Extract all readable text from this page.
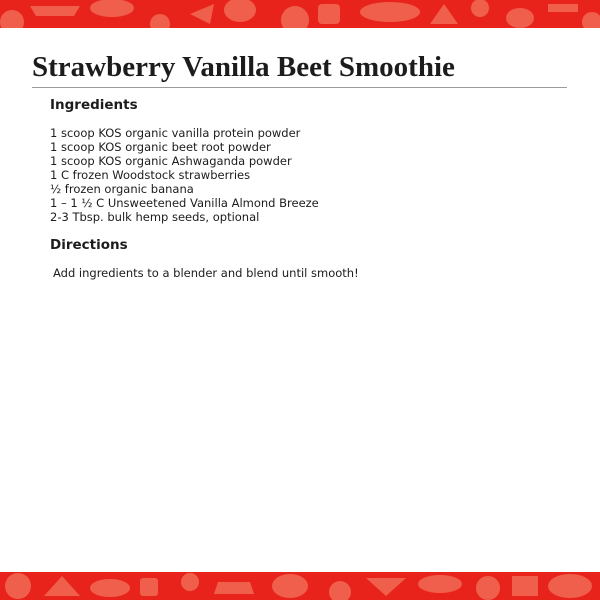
Strawberry Vanilla Beet Smoothie
Ingredients
1 scoop KOS organic vanilla protein powder
1 scoop KOS organic beet root powder
1 scoop KOS organic Ashwaganda powder
1 C frozen Woodstock strawberries
½ frozen organic banana
1 – 1 ½ C Unsweetened Vanilla Almond Breeze
2-3 Tbsp. bulk hemp seeds, optional
Directions

Add ingredients to a blender and blend until smooth!
